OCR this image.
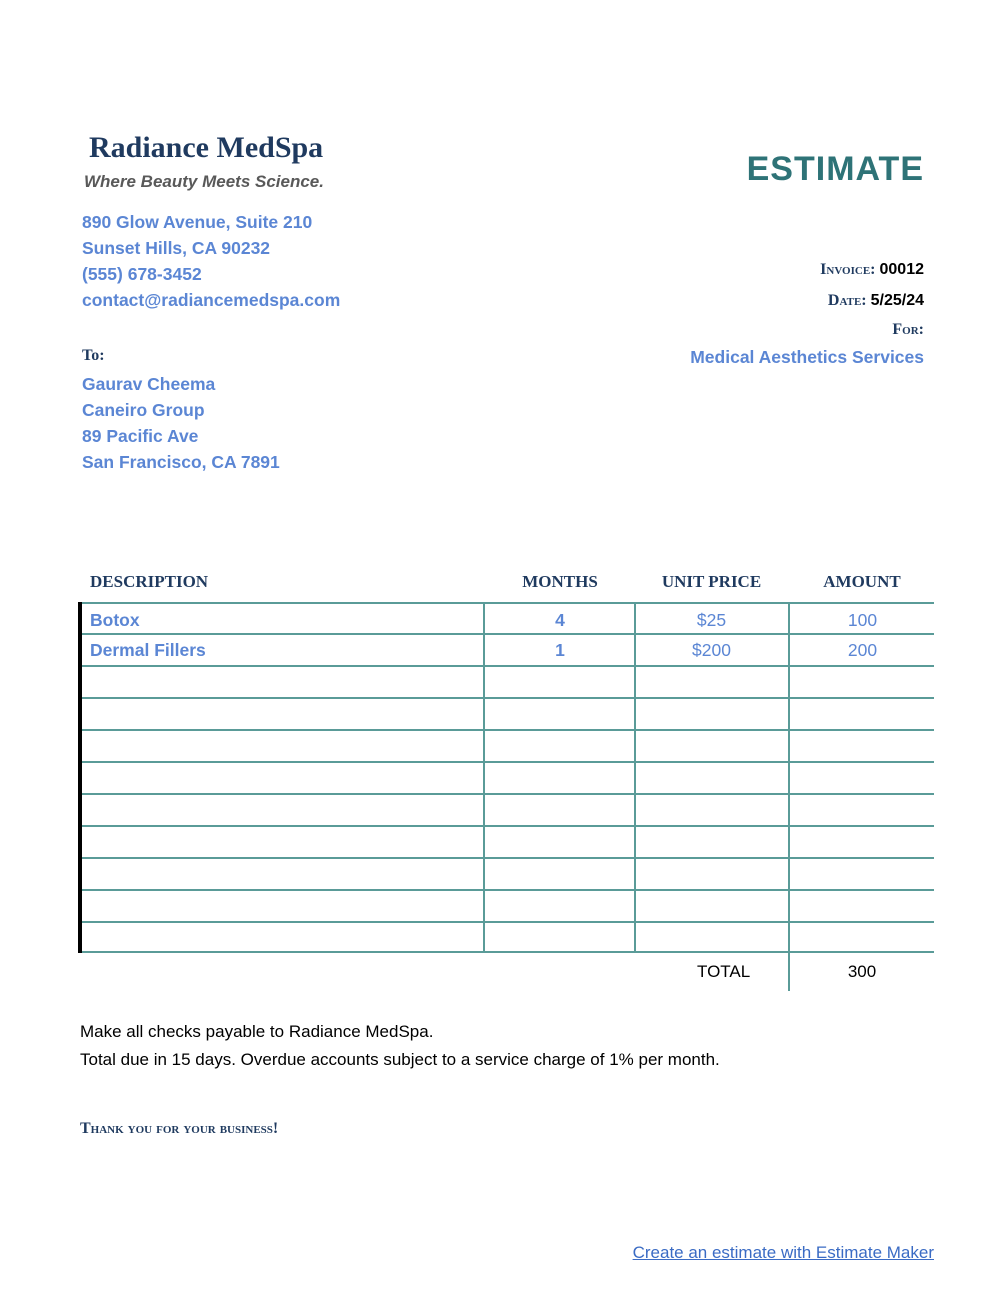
Radiance MedSpa
Where Beauty Meets Science.
890 Glow Avenue, Suite 210
Sunset Hills, CA 90232
(555) 678-3452
contact@radiancemedspa.com
ESTIMATE
Invoice: 00012
Date: 5/25/24
For:
Medical Aesthetics Services
To:
Gaurav Cheema
Caneiro Group
89 Pacific Ave
San Francisco, CA 7891
DESCRIPTION	MONTHS	UNIT PRICE	AMOUNT
Botox	4	$25	100
Dermal Fillers	1	$200	200
TOTAL	300
Make all checks payable to Radiance MedSpa.
Total due in 15 days. Overdue accounts subject to a service charge of 1% per month.
Thank you for your business!
Create an estimate with Estimate Maker
